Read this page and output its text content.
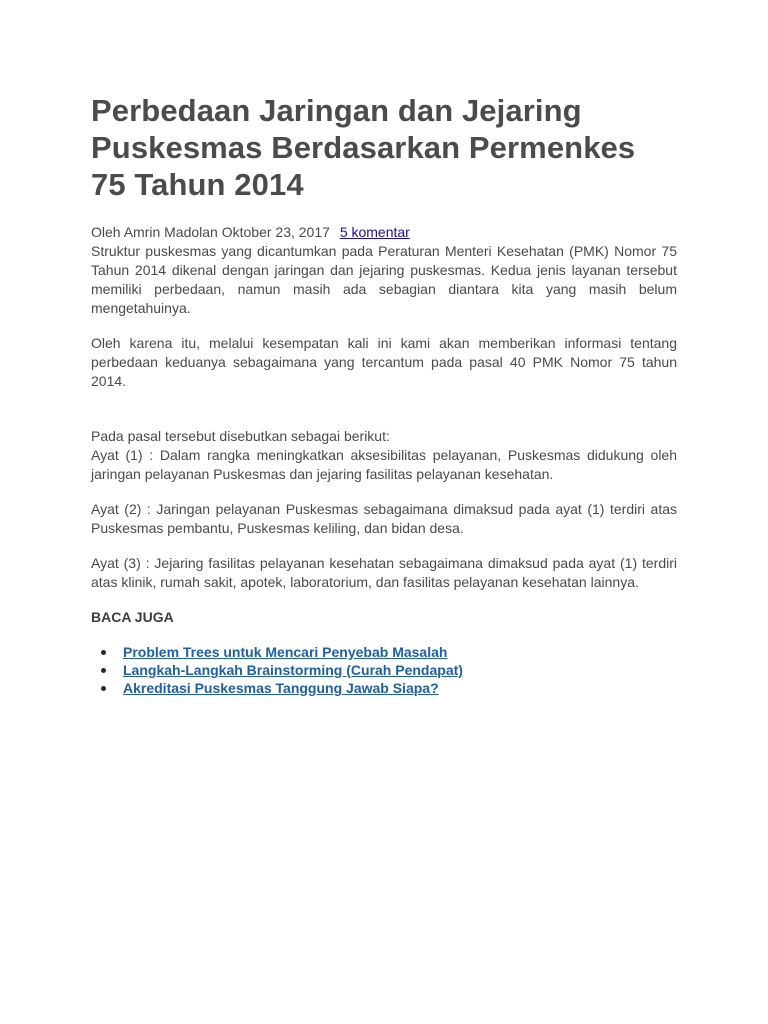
Perbedaan Jaringan dan Jejaring Puskesmas Berdasarkan Permenkes 75 Tahun 2014
Oleh Amrin Madolan Oktober 23, 2017 5 komentar

Struktur puskesmas yang dicantumkan pada Peraturan Menteri Kesehatan (PMK) Nomor 75 Tahun 2014 dikenal dengan jaringan dan jejaring puskesmas. Kedua jenis layanan tersebut memiliki perbedaan, namun masih ada sebagian diantara kita yang masih belum mengetahuinya.

Oleh karena itu, melalui kesempatan kali ini kami akan memberikan informasi tentang perbedaan keduanya sebagaimana yang tercantum pada pasal 40 PMK Nomor 75 tahun 2014.

Pada pasal tersebut disebutkan sebagai berikut:

Ayat (1) : Dalam rangka meningkatkan aksesibilitas pelayanan, Puskesmas didukung oleh jaringan pelayanan Puskesmas dan jejaring fasilitas pelayanan kesehatan.

Ayat (2) : Jaringan pelayanan Puskesmas sebagaimana dimaksud pada ayat (1) terdiri atas Puskesmas pembantu, Puskesmas keliling, dan bidan desa.

Ayat (3) : Jejaring fasilitas pelayanan kesehatan sebagaimana dimaksud pada ayat (1) terdiri atas klinik, rumah sakit, apotek, laboratorium, dan fasilitas pelayanan kesehatan lainnya.

BACA JUGA
Problem Trees untuk Mencari Penyebab Masalah
Langkah-Langkah Brainstorming (Curah Pendapat)
Akreditasi Puskesmas Tanggung Jawab Siapa?
